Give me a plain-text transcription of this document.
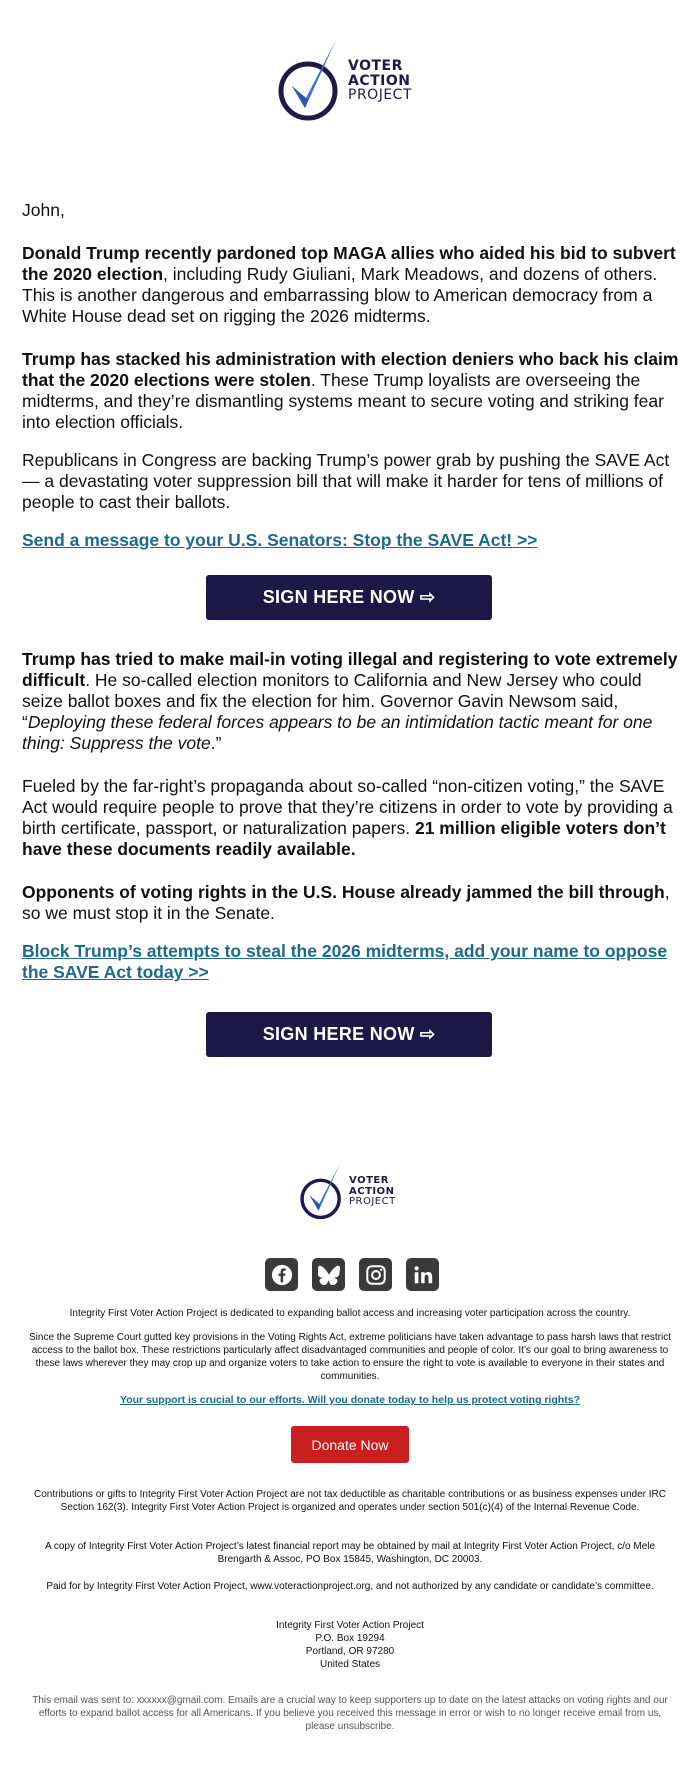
VOTER
ACTION
PROJECT

John,

Donald Trump recently pardoned top MAGA allies who aided his bid to subvert the 2020 election, including Rudy Giuliani, Mark Meadows, and dozens of others. This is another dangerous and embarrassing blow to American democracy from a White House dead set on rigging the 2026 midterms.

Trump has stacked his administration with election deniers who back his claim that the 2020 elections were stolen. These Trump loyalists are overseeing the midterms, and they’re dismantling systems meant to secure voting and striking fear into election officials.

Republicans in Congress are backing Trump’s power grab by pushing the SAVE Act — a devastating voter suppression bill that will make it harder for tens of millions of people to cast their ballots.

Send a message to your U.S. Senators: Stop the SAVE Act! >>

SIGN HERE NOW ⇨

Trump has tried to make mail-in voting illegal and registering to vote extremely difficult. He so-called election monitors to California and New Jersey who could seize ballot boxes and fix the election for him. Governor Gavin Newsom said, “Deploying these federal forces appears to be an intimidation tactic meant for one thing: Suppress the vote.”

Fueled by the far-right’s propaganda about so-called “non-citizen voting,” the SAVE Act would require people to prove that they’re citizens in order to vote by providing a birth certificate, passport, or naturalization papers. 21 million eligible voters don’t have these documents readily available.

Opponents of voting rights in the U.S. House already jammed the bill through, so we must stop it in the Senate.

Block Trump’s attempts to steal the 2026 midterms, add your name to oppose the SAVE Act today >>

SIGN HERE NOW ⇨
VOTER
ACTION
PROJECT
Integrity First Voter Action Project is dedicated to expanding ballot access and increasing voter participation across the country.
Since the Supreme Court gutted key provisions in the Voting Rights Act, extreme politicians have taken advantage to pass harsh laws that restrict access to the ballot box. These restrictions particularly affect disadvantaged communities and people of color. It’s our goal to bring awareness to these laws wherever they may crop up and organize voters to take action to ensure the right to vote is available to everyone in their states and communities.
Your support is crucial to our efforts. Will you donate today to help us protect voting rights?
Donate Now
Contributions or gifts to Integrity First Voter Action Project are not tax deductible as charitable contributions or as business expenses under IRC Section 162(3). Integrity First Voter Action Project is organized and operates under section 501(c)(4) of the Internal Revenue Code.
A copy of Integrity First Voter Action Project’s latest financial report may be obtained by mail at Integrity First Voter Action Project, c/o Mele Brengarth & Assoc, PO Box 15845, Washington, DC 20003.
Paid for by Integrity First Voter Action Project, www.voteractionproject.org, and not authorized by any candidate or candidate’s committee.
Integrity First Voter Action Project
P.O. Box 19294
Portland, OR 97280
United States
This email was sent to: xxxxxx@gmail.com. Emails are a crucial way to keep supporters up to date on the latest attacks on voting rights and our efforts to expand ballot access for all Americans. If you believe you received this message in error or wish to no longer receive email from us, please unsubscribe.
